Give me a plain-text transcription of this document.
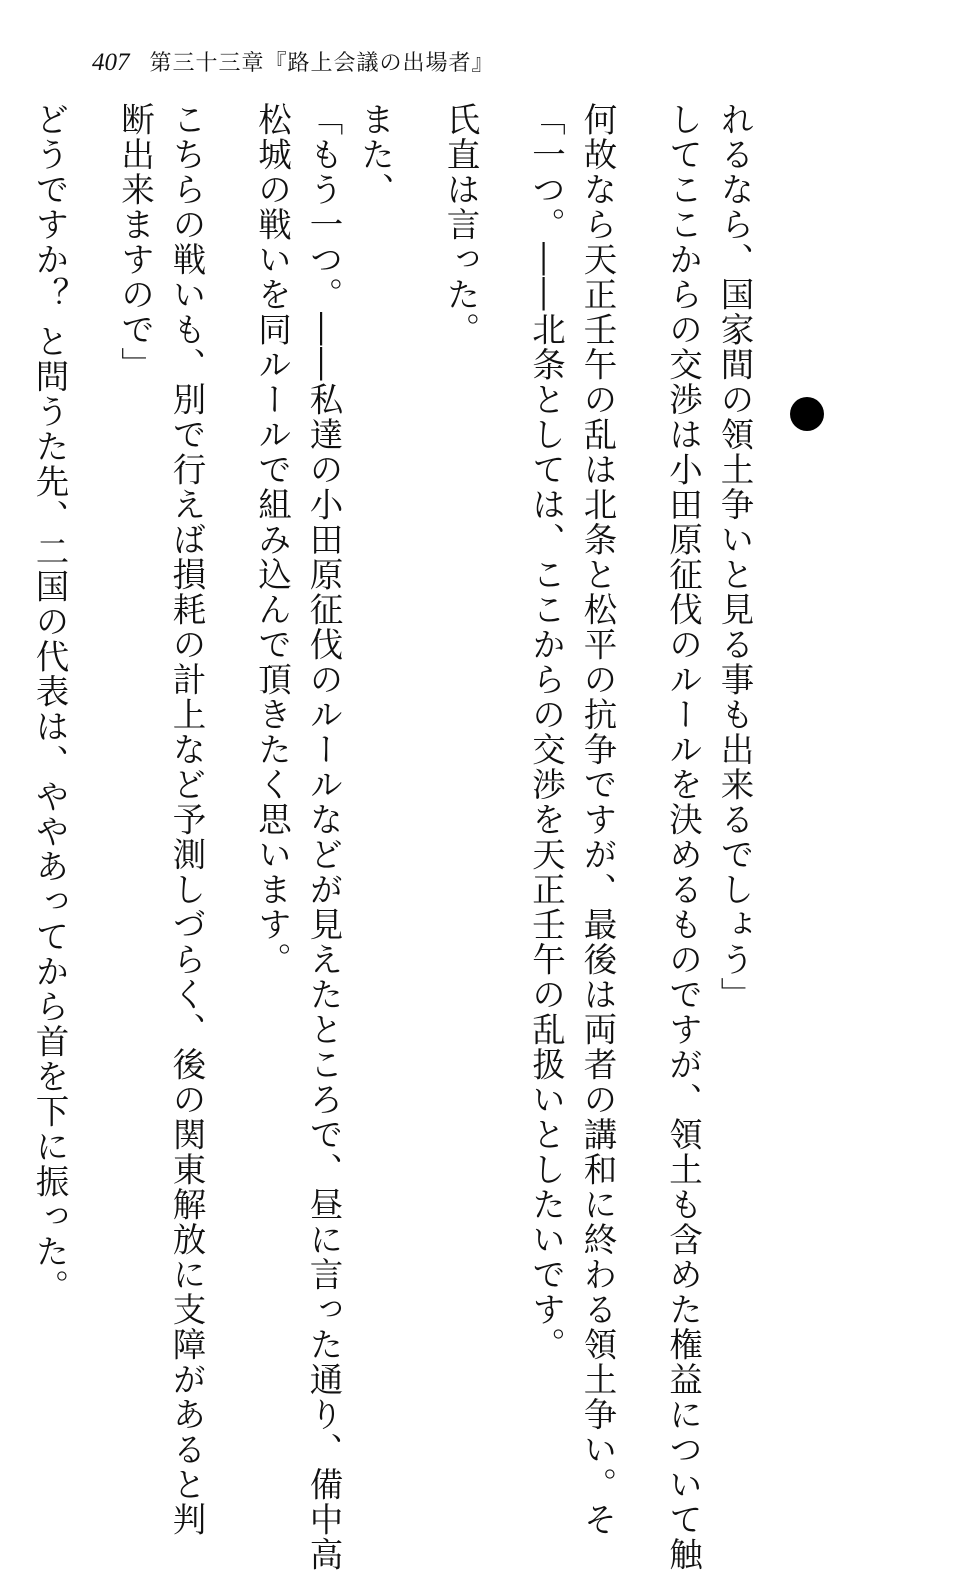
407 第三十三章『路上会議の出場者』
れるなら、国家間の領土争いと見る事も出来るでしょう」
してここからの交渉は小田原征伐のルールを決めるものですが、領土も含めた権益について触
何故なら天正壬午の乱は北条と松平の抗争ですが、最後は両者の講和に終わる領土争い。そ
「一つ。――北条としては、ここからの交渉を天正壬午の乱扱いとしたいです。
氏直は言った。
また、
「もう一つ。――私達の小田原征伐のルールなどが見えたところで、昼に言った通り、備中高
松城の戦いを同ルールで組み込んで頂きたく思います。
こちらの戦いも、別で行えば損耗の計上など予測しづらく、後の関東解放に支障があると判
断出来ますので」
どうですか？ と問うた先、二国の代表は、ややあってから首を下に振った。
